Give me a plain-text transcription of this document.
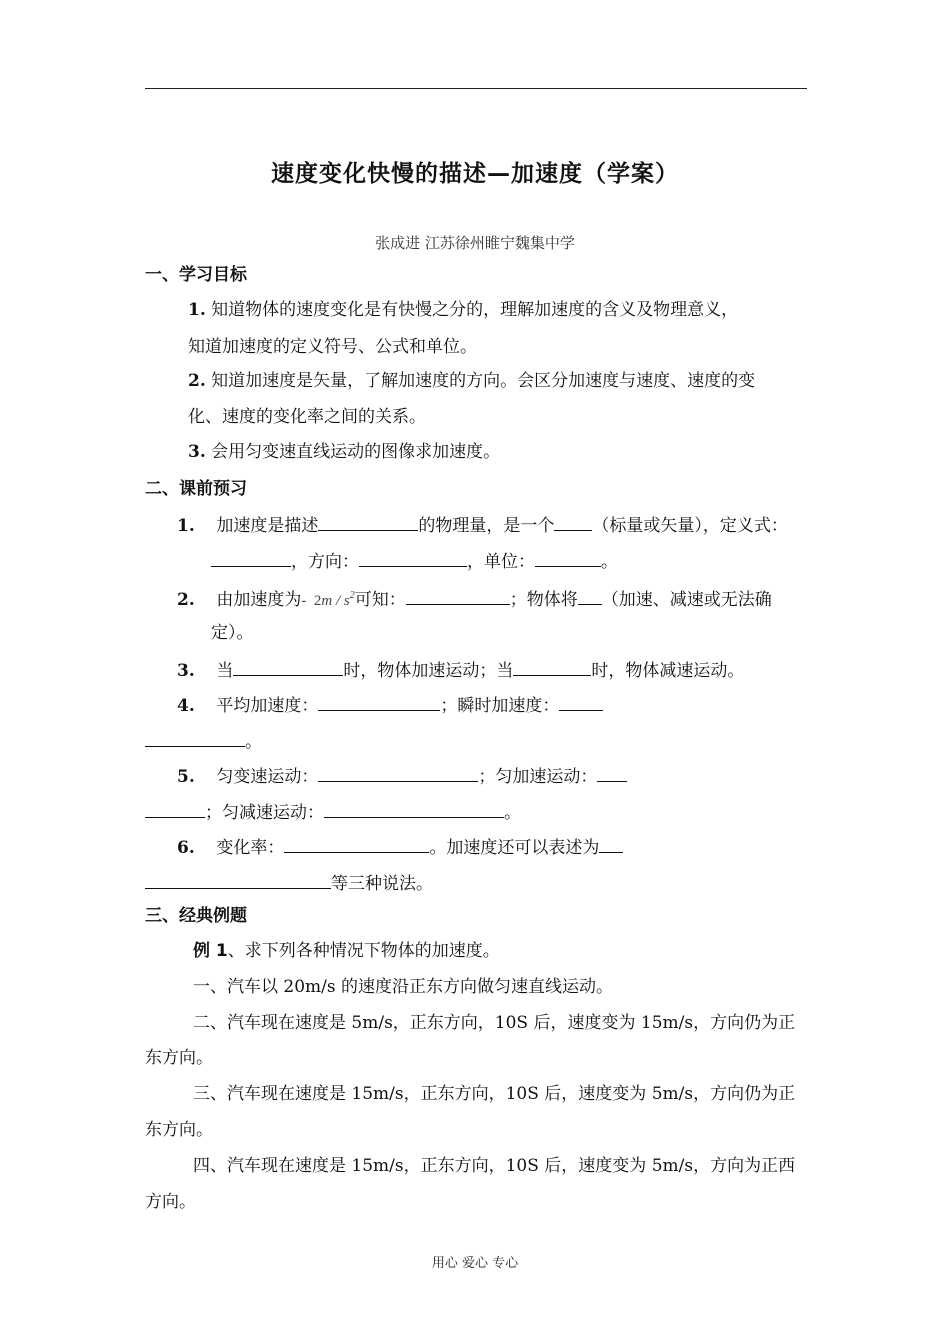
速度变化快慢的描述—加速度（学案）
张成进 江苏徐州睢宁魏集中学
一、学习目标
1. 知道物体的速度变化是有快慢之分的，理解加速度的含义及物理意义，
知道加速度的定义符号、公式和单位。
2. 知道加速度是矢量，了解加速度的方向。会区分加速度与速度、速度的变
化、速度的变化率之间的关系。
3. 会用匀变速直线运动的图像求加速度。
二、课前预习
1. 加速度是描述	的物理量，是一个 （标量或矢量），定义式：
，方向：	，单位：	。
2. 由加速度为- $2m / s^2$可知：	；物体将 （加速、减速或无法确
定）。
3. 当	时，物体加速运动；当	时，物体减速运动。
4. 平均加速度：	；瞬时加速度：
。
5. 匀变速运动：	；匀加速运动：
；匀减速运动：	。
6. 变化率：	。加速度还可以表述为
等三种说法。
三、经典例题
例 1、求下列各种情况下物体的加速度。
一、汽车以 20m/s 的速度沿正东方向做匀速直线运动。
二、汽车现在速度是 5m/s，正东方向，10S 后，速度变为 15m/s，方向仍为正
东方向。
三、汽车现在速度是 15m/s，正东方向，10S 后，速度变为 5m/s，方向仍为正
东方向。
四、汽车现在速度是 15m/s，正东方向，10S 后，速度变为 5m/s，方向为正西
方向。
用心 爱心 专心
